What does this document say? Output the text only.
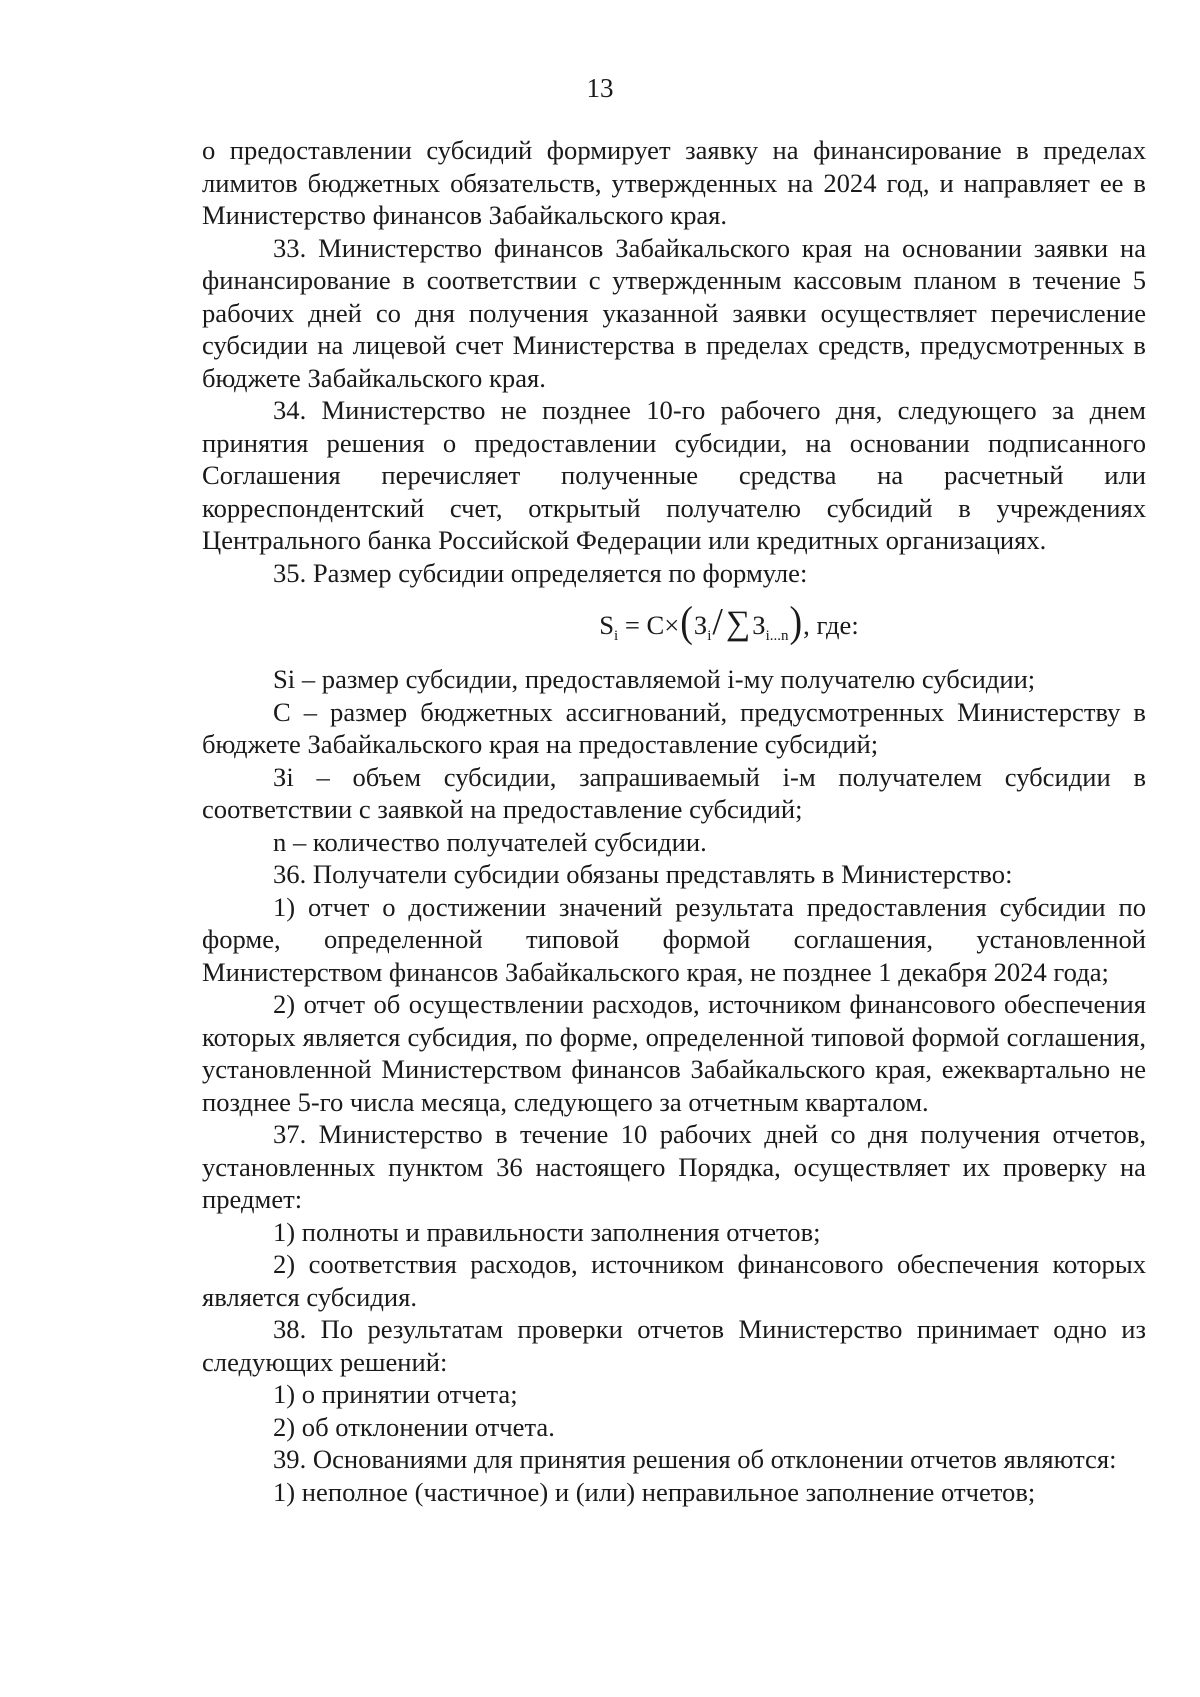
13

о предоставлении субсидий формирует заявку на финансирование в пределах лимитов бюджетных обязательств, утвержденных на 2024 год, и направляет ее в Министерство финансов Забайкальского края.

33. Министерство финансов Забайкальского края на основании заявки на финансирование в соответствии с утвержденным кассовым планом в течение 5 рабочих дней со дня получения указанной заявки осуществляет перечисление субсидии на лицевой счет Министерства в пределах средств, предусмотренных в бюджете Забайкальского края.

34. Министерство не позднее 10-го рабочего дня, следующего за днем принятия решения о предоставлении субсидии, на основании подписанного Соглашения перечисляет полученные средства на расчетный или корреспондентский счет, открытый получателю субсидий в учреждениях Центрального банка Российской Федерации или кредитных организациях.

35. Размер субсидии определяется по формуле:

$S_i = C\times(З_i/\sum З_{i...n})$, где:

Si – размер субсидии, предоставляемой i-му получателю субсидии;

С – размер бюджетных ассигнований, предусмотренных Министерству в бюджете Забайкальского края на предоставление субсидий;

Зi – объем субсидии, запрашиваемый i-м получателем субсидии в соответствии с заявкой на предоставление субсидий;

n – количество получателей субсидии.

36. Получатели субсидии обязаны представлять в Министерство:

1) отчет о достижении значений результата предоставления субсидии по форме, определенной типовой формой соглашения, установленной Министерством финансов Забайкальского края, не позднее 1 декабря 2024 года;

2) отчет об осуществлении расходов, источником финансового обеспечения которых является субсидия, по форме, определенной типовой формой соглашения, установленной Министерством финансов Забайкальского края, ежеквартально не позднее 5-го числа месяца, следующего за отчетным кварталом.

37. Министерство в течение 10 рабочих дней со дня получения отчетов, установленных пунктом 36 настоящего Порядка, осуществляет их проверку на предмет:

1) полноты и правильности заполнения отчетов;

2) соответствия расходов, источником финансового обеспечения которых является субсидия.

38. По результатам проверки отчетов Министерство принимает одно из следующих решений:

1) о принятии отчета;

2) об отклонении отчета.

39. Основаниями для принятия решения об отклонении отчетов являются:

1) неполное (частичное) и (или) неправильное заполнение отчетов;
